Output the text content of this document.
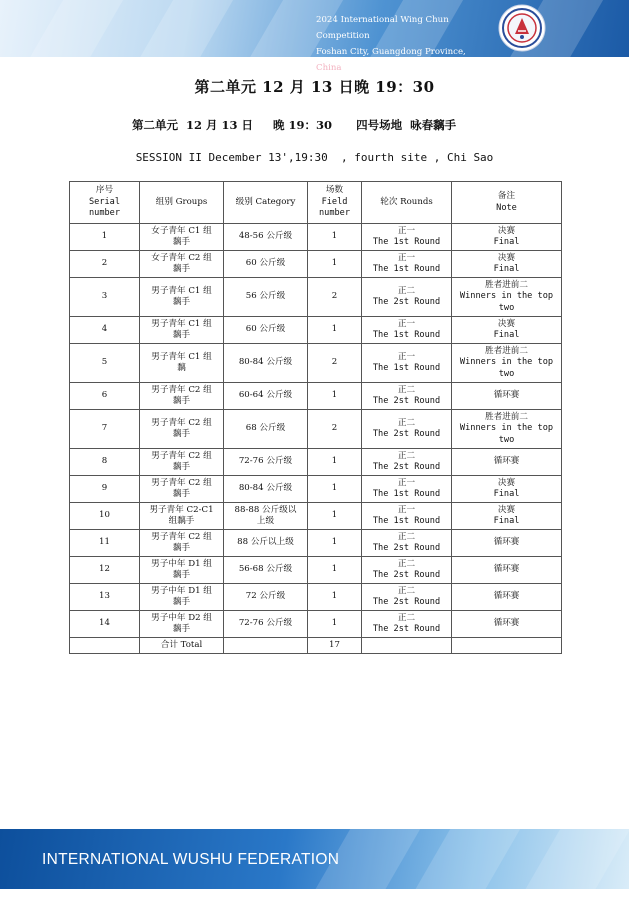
2024 International Wing Chun Competition
Foshan City, Guangdong Province, China
第二单元 12 月 13 日晚 19：30
第二单元  12 月 13 日     晚 19：30      四号场地  咏春黐手
SESSION II December 13',19:30  , fourth site , Chi Sao
序号
Serial
number	组别 Groups	级别 Category	场数
Field
number	轮次 Rounds	备注
Note
1	女子青年 C1 组
黐手	48-56 公斤级	1	正一
The 1st Round	决赛
Final
2	女子青年 C2 组
黐手	60 公斤级	1	正一
The 1st Round	决赛
Final
3	男子青年 C1 组
黐手	56 公斤级	2	正二
The 2st Round	胜者进前二
Winners in the top
two
4	男子青年 C1 组
黐手	60 公斤级	1	正一
The 1st Round	决赛
Final
5	男子青年 C1 组
黐	80-84 公斤级	2	正一
The 1st Round	胜者进前二
Winners in the top
two
6	男子青年 C2 组
黐手	60-64 公斤级	1	正二
The 2st Round	循环赛
7	男子青年 C2 组
黐手	68 公斤级	2	正二
The 2st Round	胜者进前二
Winners in the top
two
8	男子青年 C2 组
黐手	72-76 公斤级	1	正二
The 2st Round	循环赛
9	男子青年 C2 组
黐手	80-84 公斤级	1	正一
The 1st Round	决赛
Final
10	男子青年 C2-C1
组黐手	88-88 公斤级以
上级	1	正一
The 1st Round	决赛
Final
11	男子青年 C2 组
黐手	88 公斤以上级	1	正二
The 2st Round	循环赛
12	男子中年 D1 组
黐手	56-68 公斤级	1	正二
The 2st Round	循环赛
13	男子中年 D1 组
黐手	72 公斤级	1	正二
The 2st Round	循环赛
14	男子中年 D2 组
黐手	72-76 公斤级	1	正二
The 2st Round	循环赛
	合计 Total		17		
INTERNATIONAL WUSHU FEDERATION
